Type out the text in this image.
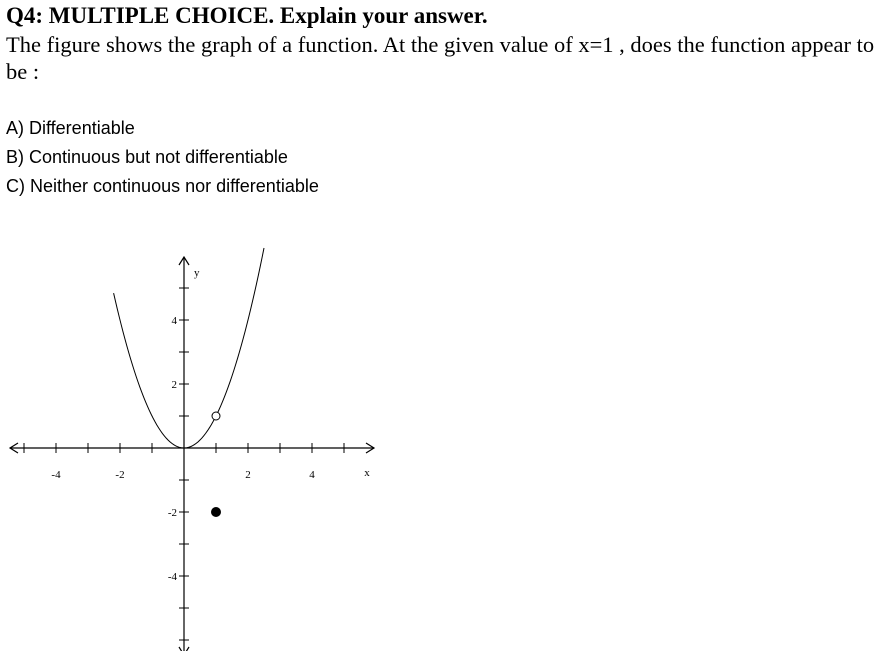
Q4: MULTIPLE CHOICE. Explain your answer.
The figure shows the graph of a function. At the given value of x=1 , does the function appear to be :
A) Differentiable
B) Continuous but not differentiable
C) Neither continuous nor differentiable
-4	-2	2	4
4
2
-2
-4
x
y
